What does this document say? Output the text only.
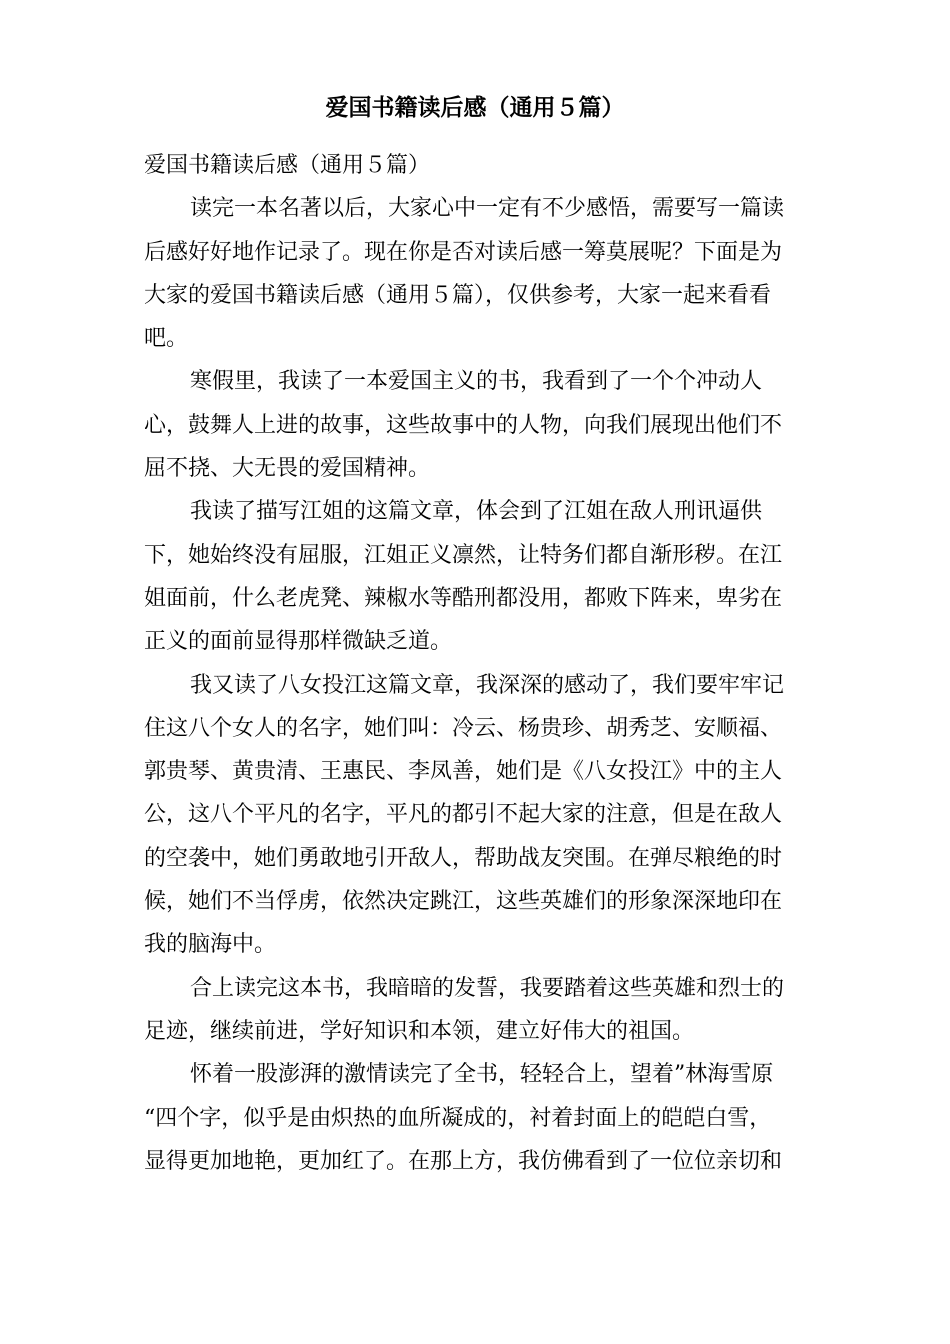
爱国书籍读后感（通用５篇）
爱国书籍读后感（通用５篇）
读完一本名著以后，大家心中一定有不少感悟，需要写一篇读
后感好好地作记录了。现在你是否对读后感一筹莫展呢？下面是为
大家的爱国书籍读后感（通用５篇），仅供参考，大家一起来看看
吧。
寒假里，我读了一本爱国主义的书，我看到了一个个冲动人
心，鼓舞人上进的故事，这些故事中的人物，向我们展现出他们不
屈不挠、大无畏的爱国精神。
我读了描写江姐的这篇文章，体会到了江姐在敌人刑讯逼供
下，她始终没有屈服，江姐正义凛然，让特务们都自渐形秽。在江
姐面前，什么老虎凳、辣椒水等酷刑都没用，都败下阵来，卑劣在
正义的面前显得那样微缺乏道。
我又读了八女投江这篇文章，我深深的感动了，我们要牢牢记
住这八个女人的名字，她们叫：冷云、杨贵珍、胡秀芝、安顺福、
郭贵琴、黄贵清、王惠民、李凤善，她们是《八女投江》中的主人
公，这八个平凡的名字，平凡的都引不起大家的注意，但是在敌人
的空袭中，她们勇敢地引开敌人，帮助战友突围。在弹尽粮绝的时
候，她们不当俘虏，依然决定跳江，这些英雄们的形象深深地印在
我的脑海中。
合上读完这本书，我暗暗的发誓，我要踏着这些英雄和烈士的
足迹，继续前进，学好知识和本领，建立好伟大的祖国。
怀着一股澎湃的激情读完了全书，轻轻合上，望着”林海雪原
“四个字，似乎是由炽热的血所凝成的，衬着封面上的皑皑白雪，
显得更加地艳，更加红了。在那上方，我仿佛看到了一位位亲切和
